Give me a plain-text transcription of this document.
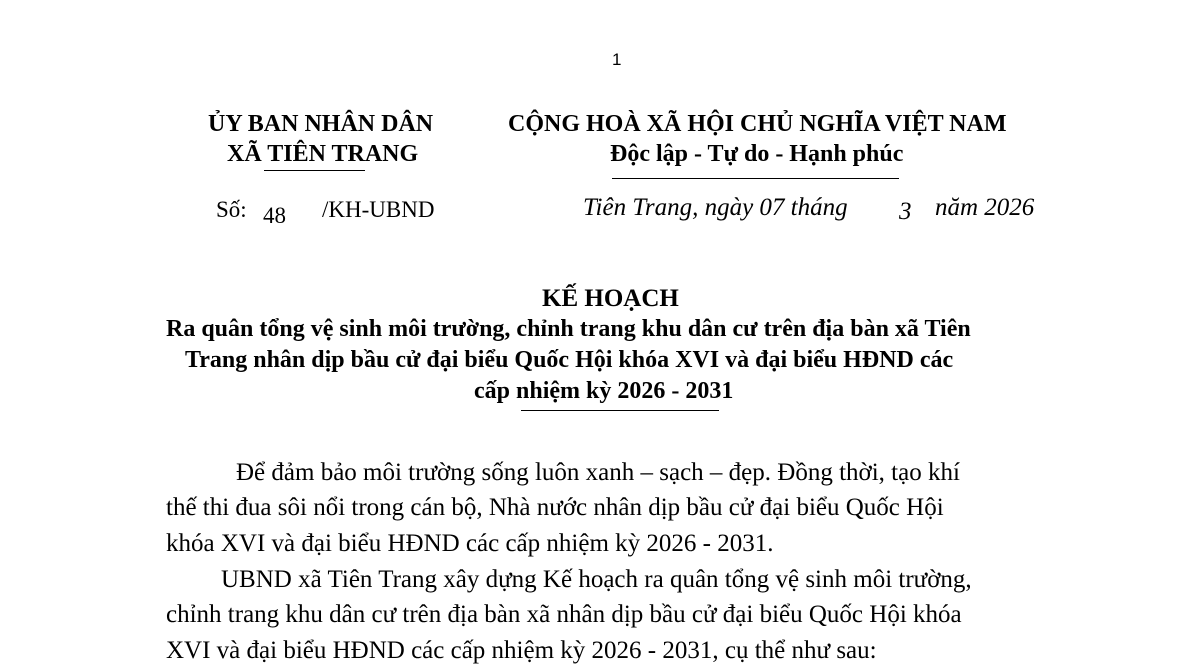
1
ỦY BAN NHÂN DÂN
XÃ TIÊN TRANG
CỘNG HOÀ XÃ HỘI CHỦ NGHĨA VIỆT NAM
Độc lập - Tự do - Hạnh phúc
Số: 48 /KH-UBND	Tiên Trang, ngày 07 tháng 3 năm 2026
KẾ HOẠCH
Ra quân tổng vệ sinh môi trường, chỉnh trang khu dân cư trên địa bàn xã Tiên
Trang nhân dịp bầu cử đại biểu Quốc Hội khóa XVI và đại biểu HĐND các
cấp nhiệm kỳ 2026 - 2031
Để đảm bảo môi trường sống luôn xanh – sạch – đẹp. Đồng thời, tạo khí
thế thi đua sôi nổi trong cán bộ, Nhà nước nhân dịp bầu cử đại biểu Quốc Hội
khóa XVI và đại biểu HĐND các cấp nhiệm kỳ 2026 - 2031.
UBND xã Tiên Trang xây dựng Kế hoạch ra quân tổng vệ sinh môi trường,
chỉnh trang khu dân cư trên địa bàn xã nhân dịp bầu cử đại biểu Quốc Hội khóa
XVI và đại biểu HĐND các cấp nhiệm kỳ 2026 - 2031, cụ thể như sau:
